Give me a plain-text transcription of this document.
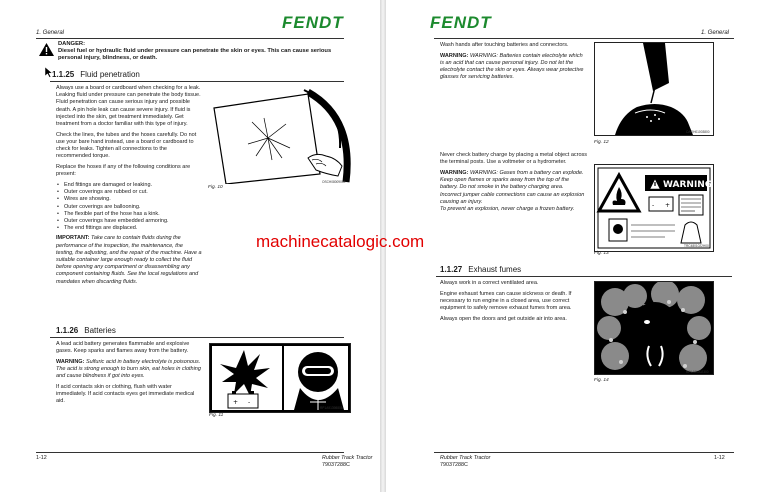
1. General
FENDT
DANGER:
Diesel fuel or hydraulic fluid under pressure can penetrate the skin or eyes. This can cause serious personal injury, blindness, or death.
1.1.25 Fluid penetration

Always use a board or cardboard when checking for a leak. Leaking fluid under pressure can penetrate the body tissue. Fluid penetration can cause serious injury and possible death. A pin hole leak can cause severe injury. If fluid is injected into the skin, get treatment immediately. Get treatment from a doctor familiar with this type of injury.

Check the lines, the tubes and the hoses carefully. Do not use your bare hand instead, use a board or cardboard to check for leaks. Tighten all connections to the recommended torque.

Replace the hoses if any of the following conditions are present:

• End fittings are damaged or leaking.
• Outer coverings are rubbed or cut.
• Wires are showing.
• Outer coverings are ballooning.
• The flexible part of the hose has a kink.
• Outer coverings have embedded armoring.
• The end fittings are displaced.

IMPORTANT: Take care to contain fluids during the performance of the inspection, the maintenance, the testing, the adjusting, and the repair of the machine. Have a suitable container large enough ready to collect the fluid before opening any compartment or disassembling any component containing fluids. See the local regulations and mandates when discarding fluids.

OSCH08009000
Fig. 10
1.1.26 Batteries

A lead acid battery generates flammable and explosive gases. Keep sparks and flames away from the battery.

WARNING: Sulfuric acid in battery electrolyte is poisonous. The acid is strong enough to burn skin, eat holes in clothing and cause blindness if got into eyes.

If acid contacts skin or clothing, flush with water immediately. If acid contacts eyes get immediate medical aid.	+ -
RP1A91398805
Fig. 11
1-12	Rubber Track Tractor
79037288C
FENDT
1. General

Wash hands after touching batteries and connectors.

WARNING: WARNING: Batteries contain electrolyte which is an acid that can cause personal injury. Do not let the electrolyte contact the skin or eyes. Always wear protective glasses for servicing batteries.

OAOH01003800
Fig. 12

Never check battery charge by placing a metal object across the terminal posts. Use a voltmeter or a hydrometer.

WARNING: WARNING: Gases from a battery can explode. Keep open flames or sparks away from the top of the battery. Do not smoke in the battery charging area.

Incorrect jumper cable connections can cause an explosion causing an injury.

To prevent an explosion, never charge a frozen battery.

WARNING
- +
TRC4801022H00
Fig. 13
1.1.27 Exhaust fumes

Always work in a correct ventilated area.

Engine exhaust fumes can cause sickness or death. If necessary to run engine in a closed area, use correct equipment to safely remove exhaust fumes from area.

Always open the doors and get outside air into area.

RP1A01002300
Fig. 14
Rubber Track Tractor
79037288C
1-12
machinecatalogic.com
